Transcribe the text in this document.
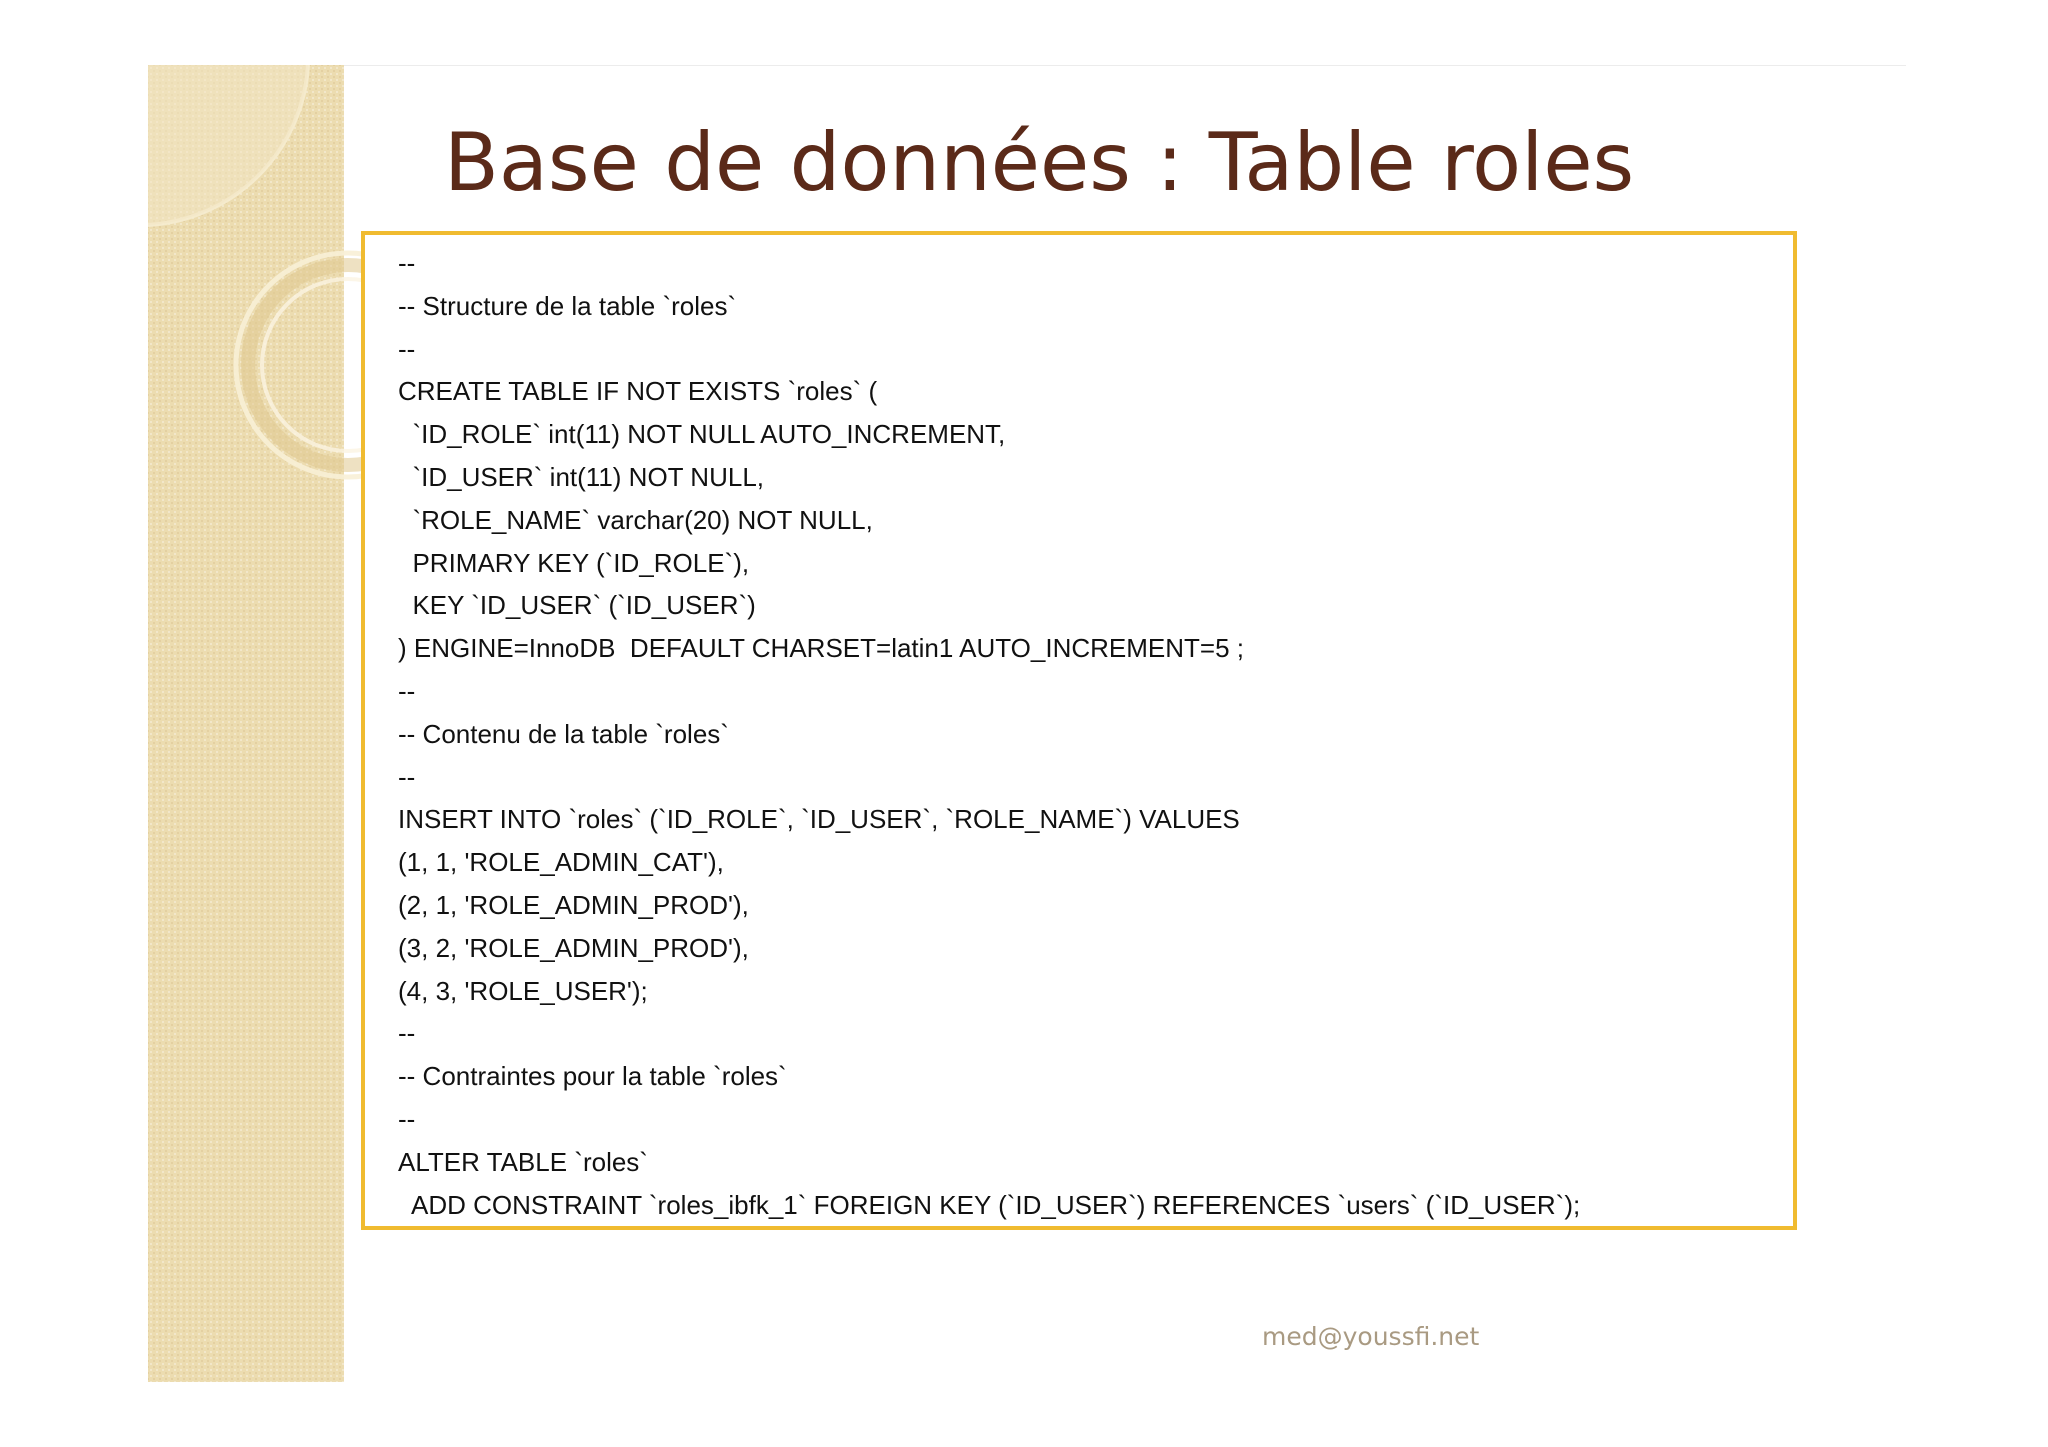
Base de données : Table roles
--
-- Structure de la table `roles`
--
CREATE TABLE IF NOT EXISTS `roles` (
`ID_ROLE` int(11) NOT NULL AUTO_INCREMENT,
`ID_USER` int(11) NOT NULL,
`ROLE_NAME` varchar(20) NOT NULL,
PRIMARY KEY (`ID_ROLE`),
KEY `ID_USER` (`ID_USER`)
) ENGINE=InnoDB  DEFAULT CHARSET=latin1 AUTO_INCREMENT=5 ;
--
-- Contenu de la table `roles`
--
INSERT INTO `roles` (`ID_ROLE`, `ID_USER`, `ROLE_NAME`) VALUES
(1, 1, 'ROLE_ADMIN_CAT'),
(2, 1, 'ROLE_ADMIN_PROD'),
(3, 2, 'ROLE_ADMIN_PROD'),
(4, 3, 'ROLE_USER');
--
-- Contraintes pour la table `roles`
--
ALTER TABLE `roles`
ADD CONSTRAINT `roles_ibfk_1` FOREIGN KEY (`ID_USER`) REFERENCES `users` (`ID_USER`);
med@youssfi.net
